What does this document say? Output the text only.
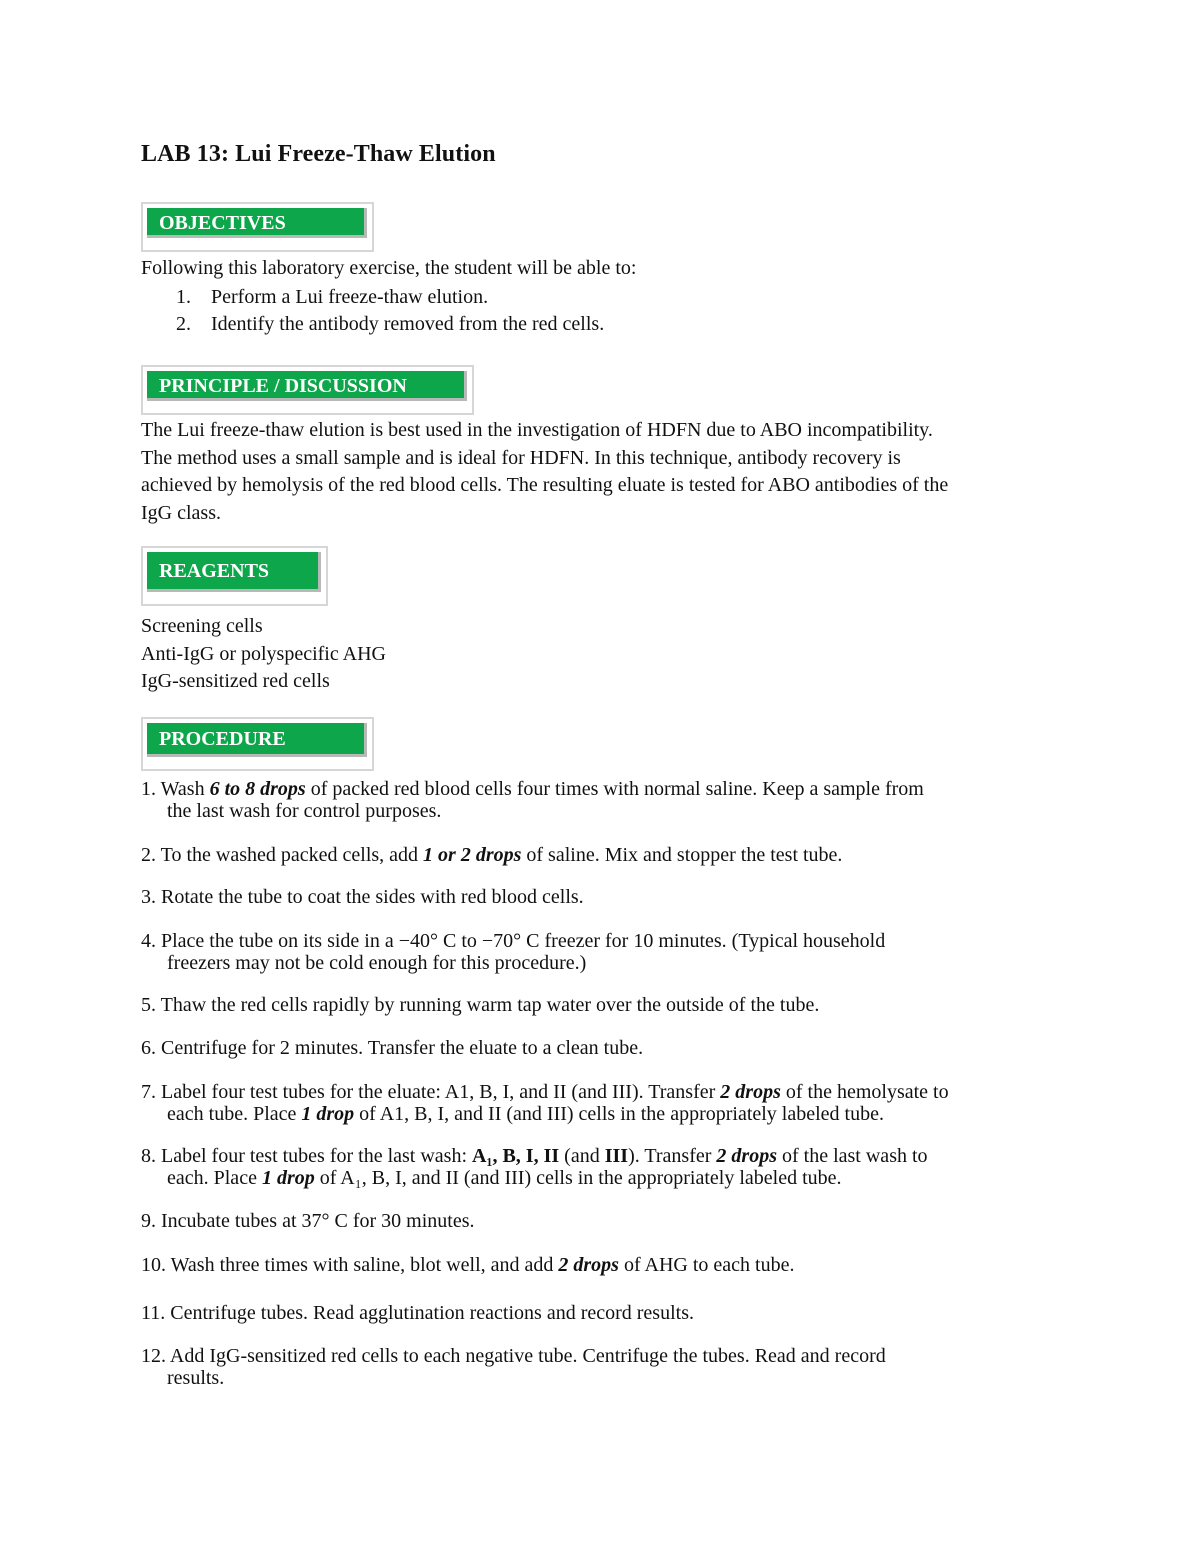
LAB 13: Lui Freeze-Thaw Elution
OBJECTIVES
Following this laboratory exercise, the student will be able to:
1. Perform a Lui freeze-thaw elution.
2. Identify the antibody removed from the red cells.
PRINCIPLE / DISCUSSION
The Lui freeze-thaw elution is best used in the investigation of HDFN due to ABO incompatibility.
The method uses a small sample and is ideal for HDFN. In this technique, antibody recovery is
achieved by hemolysis of the red blood cells. The resulting eluate is tested for ABO antibodies of the
IgG class.
REAGENTS
Screening cells
Anti-IgG or polyspecific AHG
IgG-sensitized red cells
PROCEDURE
1. Wash 6 to 8 drops of packed red blood cells four times with normal saline. Keep a sample from
the last wash for control purposes.
2. To the washed packed cells, add 1 or 2 drops of saline. Mix and stopper the test tube.
3. Rotate the tube to coat the sides with red blood cells.
4. Place the tube on its side in a −40° C to −70° C freezer for 10 minutes. (Typical household
freezers may not be cold enough for this procedure.)
5. Thaw the red cells rapidly by running warm tap water over the outside of the tube.
6. Centrifuge for 2 minutes. Transfer the eluate to a clean tube.
7. Label four test tubes for the eluate: A1, B, I, and II (and III). Transfer 2 drops of the hemolysate to
each tube. Place 1 drop of A1, B, I, and II (and III) cells in the appropriately labeled tube.
8. Label four test tubes for the last wash: A₁, B, I, II (and III). Transfer 2 drops of the last wash to
each. Place 1 drop of A₁, B, I, and II (and III) cells in the appropriately labeled tube.
9. Incubate tubes at 37° C for 30 minutes.
10. Wash three times with saline, blot well, and add 2 drops of AHG to each tube.
11. Centrifuge tubes. Read agglutination reactions and record results.
12. Add IgG-sensitized red cells to each negative tube. Centrifuge the tubes. Read and record
results.
